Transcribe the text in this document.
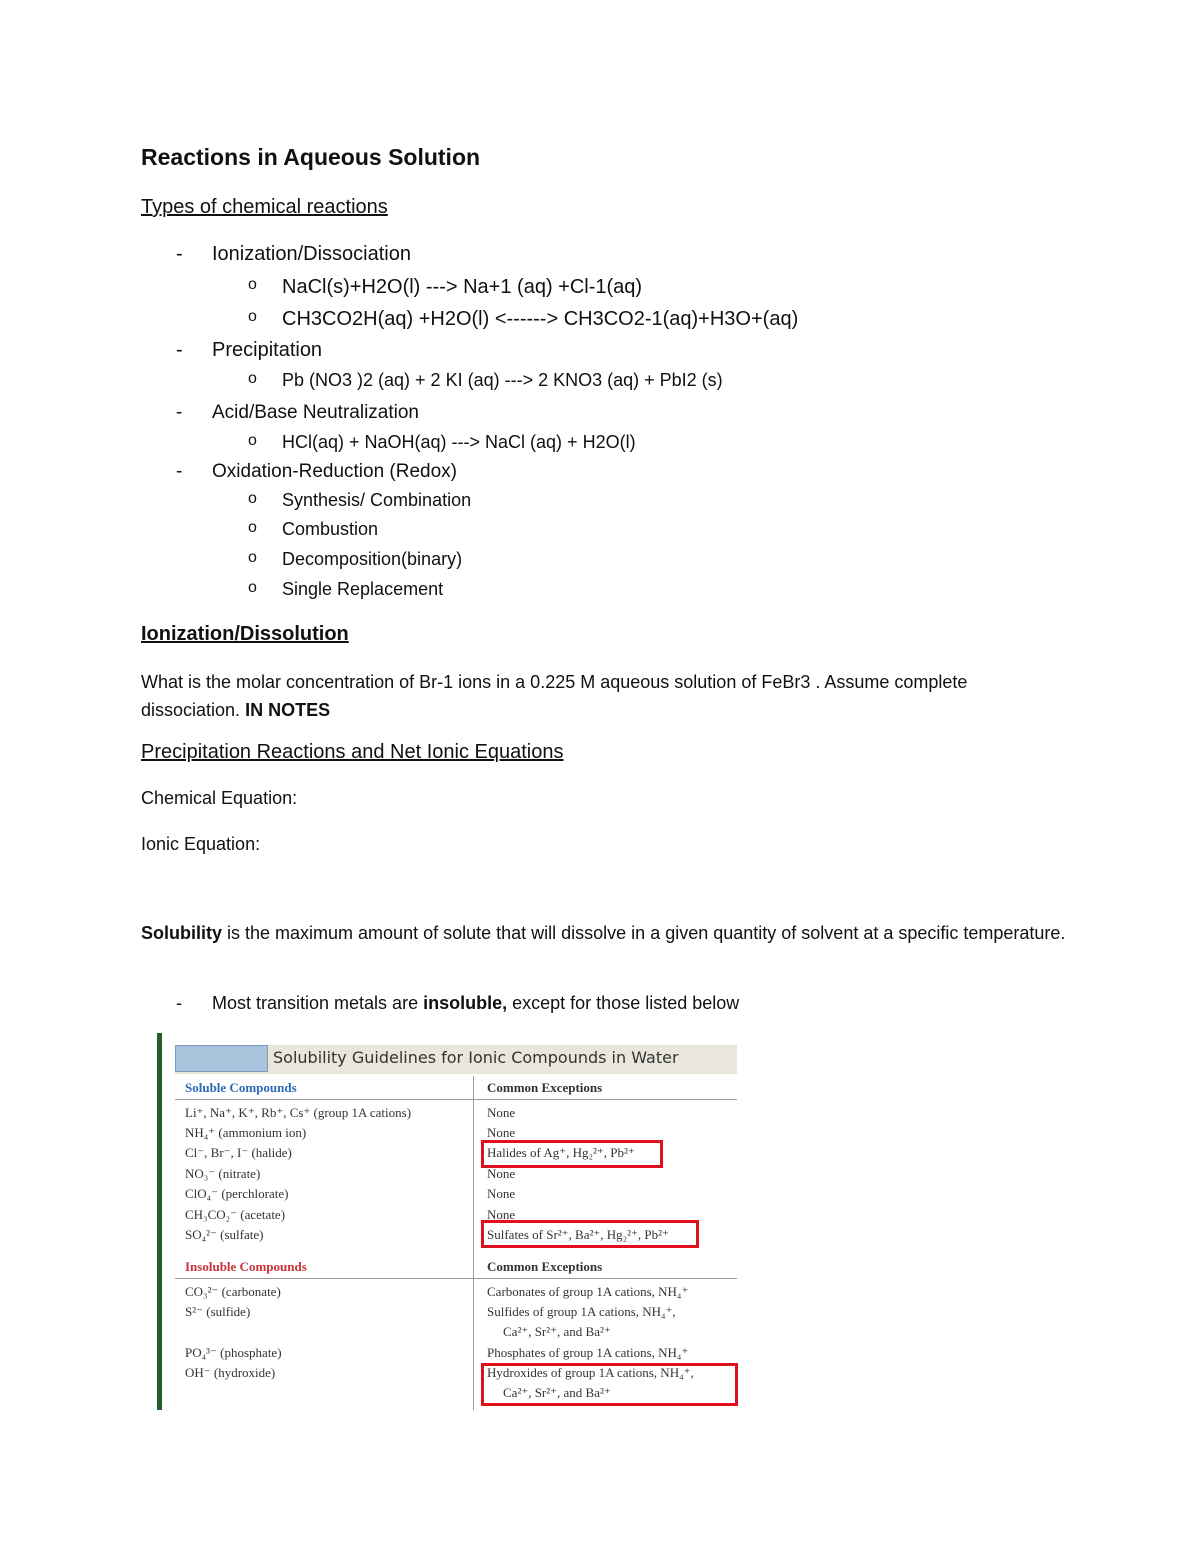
Reactions in Aqueous Solution
Types of chemical reactions
- Ionization/Dissociation
o NaCl(s)+H2O(l) ---> Na+1 (aq) +Cl-1(aq)
o CH3CO2H(aq) +H2O(l) <------> CH3CO2-1(aq)+H3O+(aq)
- Precipitation
o Pb (NO3 )2 (aq) + 2 KI (aq) ---> 2 KNO3 (aq) + PbI2 (s)
- Acid/Base Neutralization
o HCl(aq) + NaOH(aq) ---> NaCl (aq) + H2O(l)
- Oxidation-Reduction (Redox)
o Synthesis/ Combination
o Combustion
o Decomposition(binary)
o Single Replacement
Ionization/Dissolution
What is the molar concentration of Br-1 ions in a 0.225 M aqueous solution of FeBr3 . Assume complete dissociation. IN NOTES
Precipitation Reactions and Net Ionic Equations
Chemical Equation:
Ionic Equation:
Solubility is the maximum amount of solute that will dissolve in a given quantity of solvent at a specific temperature.
- Most transition metals are insoluble, except for those listed below
Solubility Guidelines for Ionic Compounds in Water
Soluble Compounds	Common Exceptions
Li⁺, Na⁺, K⁺, Rb⁺, Cs⁺ (group 1A cations)	None
NH₄⁺ (ammonium ion)	None
Cl⁻, Br⁻, I⁻ (halide)	Halides of Ag⁺, Hg₂²⁺, Pb²⁺
NO₃⁻ (nitrate)	None
ClO₄⁻ (perchlorate)	None
CH₃CO₂⁻ (acetate)	None
SO₄²⁻ (sulfate)	Sulfates of Sr²⁺, Ba²⁺, Hg₂²⁺, Pb²⁺
Insoluble Compounds	Common Exceptions
CO₃²⁻ (carbonate)	Carbonates of group 1A cations, NH₄⁺
S²⁻ (sulfide)	Sulfides of group 1A cations, NH₄⁺,
Ca²⁺, Sr²⁺, and Ba²⁺
PO₄³⁻ (phosphate)	Phosphates of group 1A cations, NH₄⁺
OH⁻ (hydroxide)	Hydroxides of group 1A cations, NH₄⁺,
Ca²⁺, Sr²⁺, and Ba²⁺
